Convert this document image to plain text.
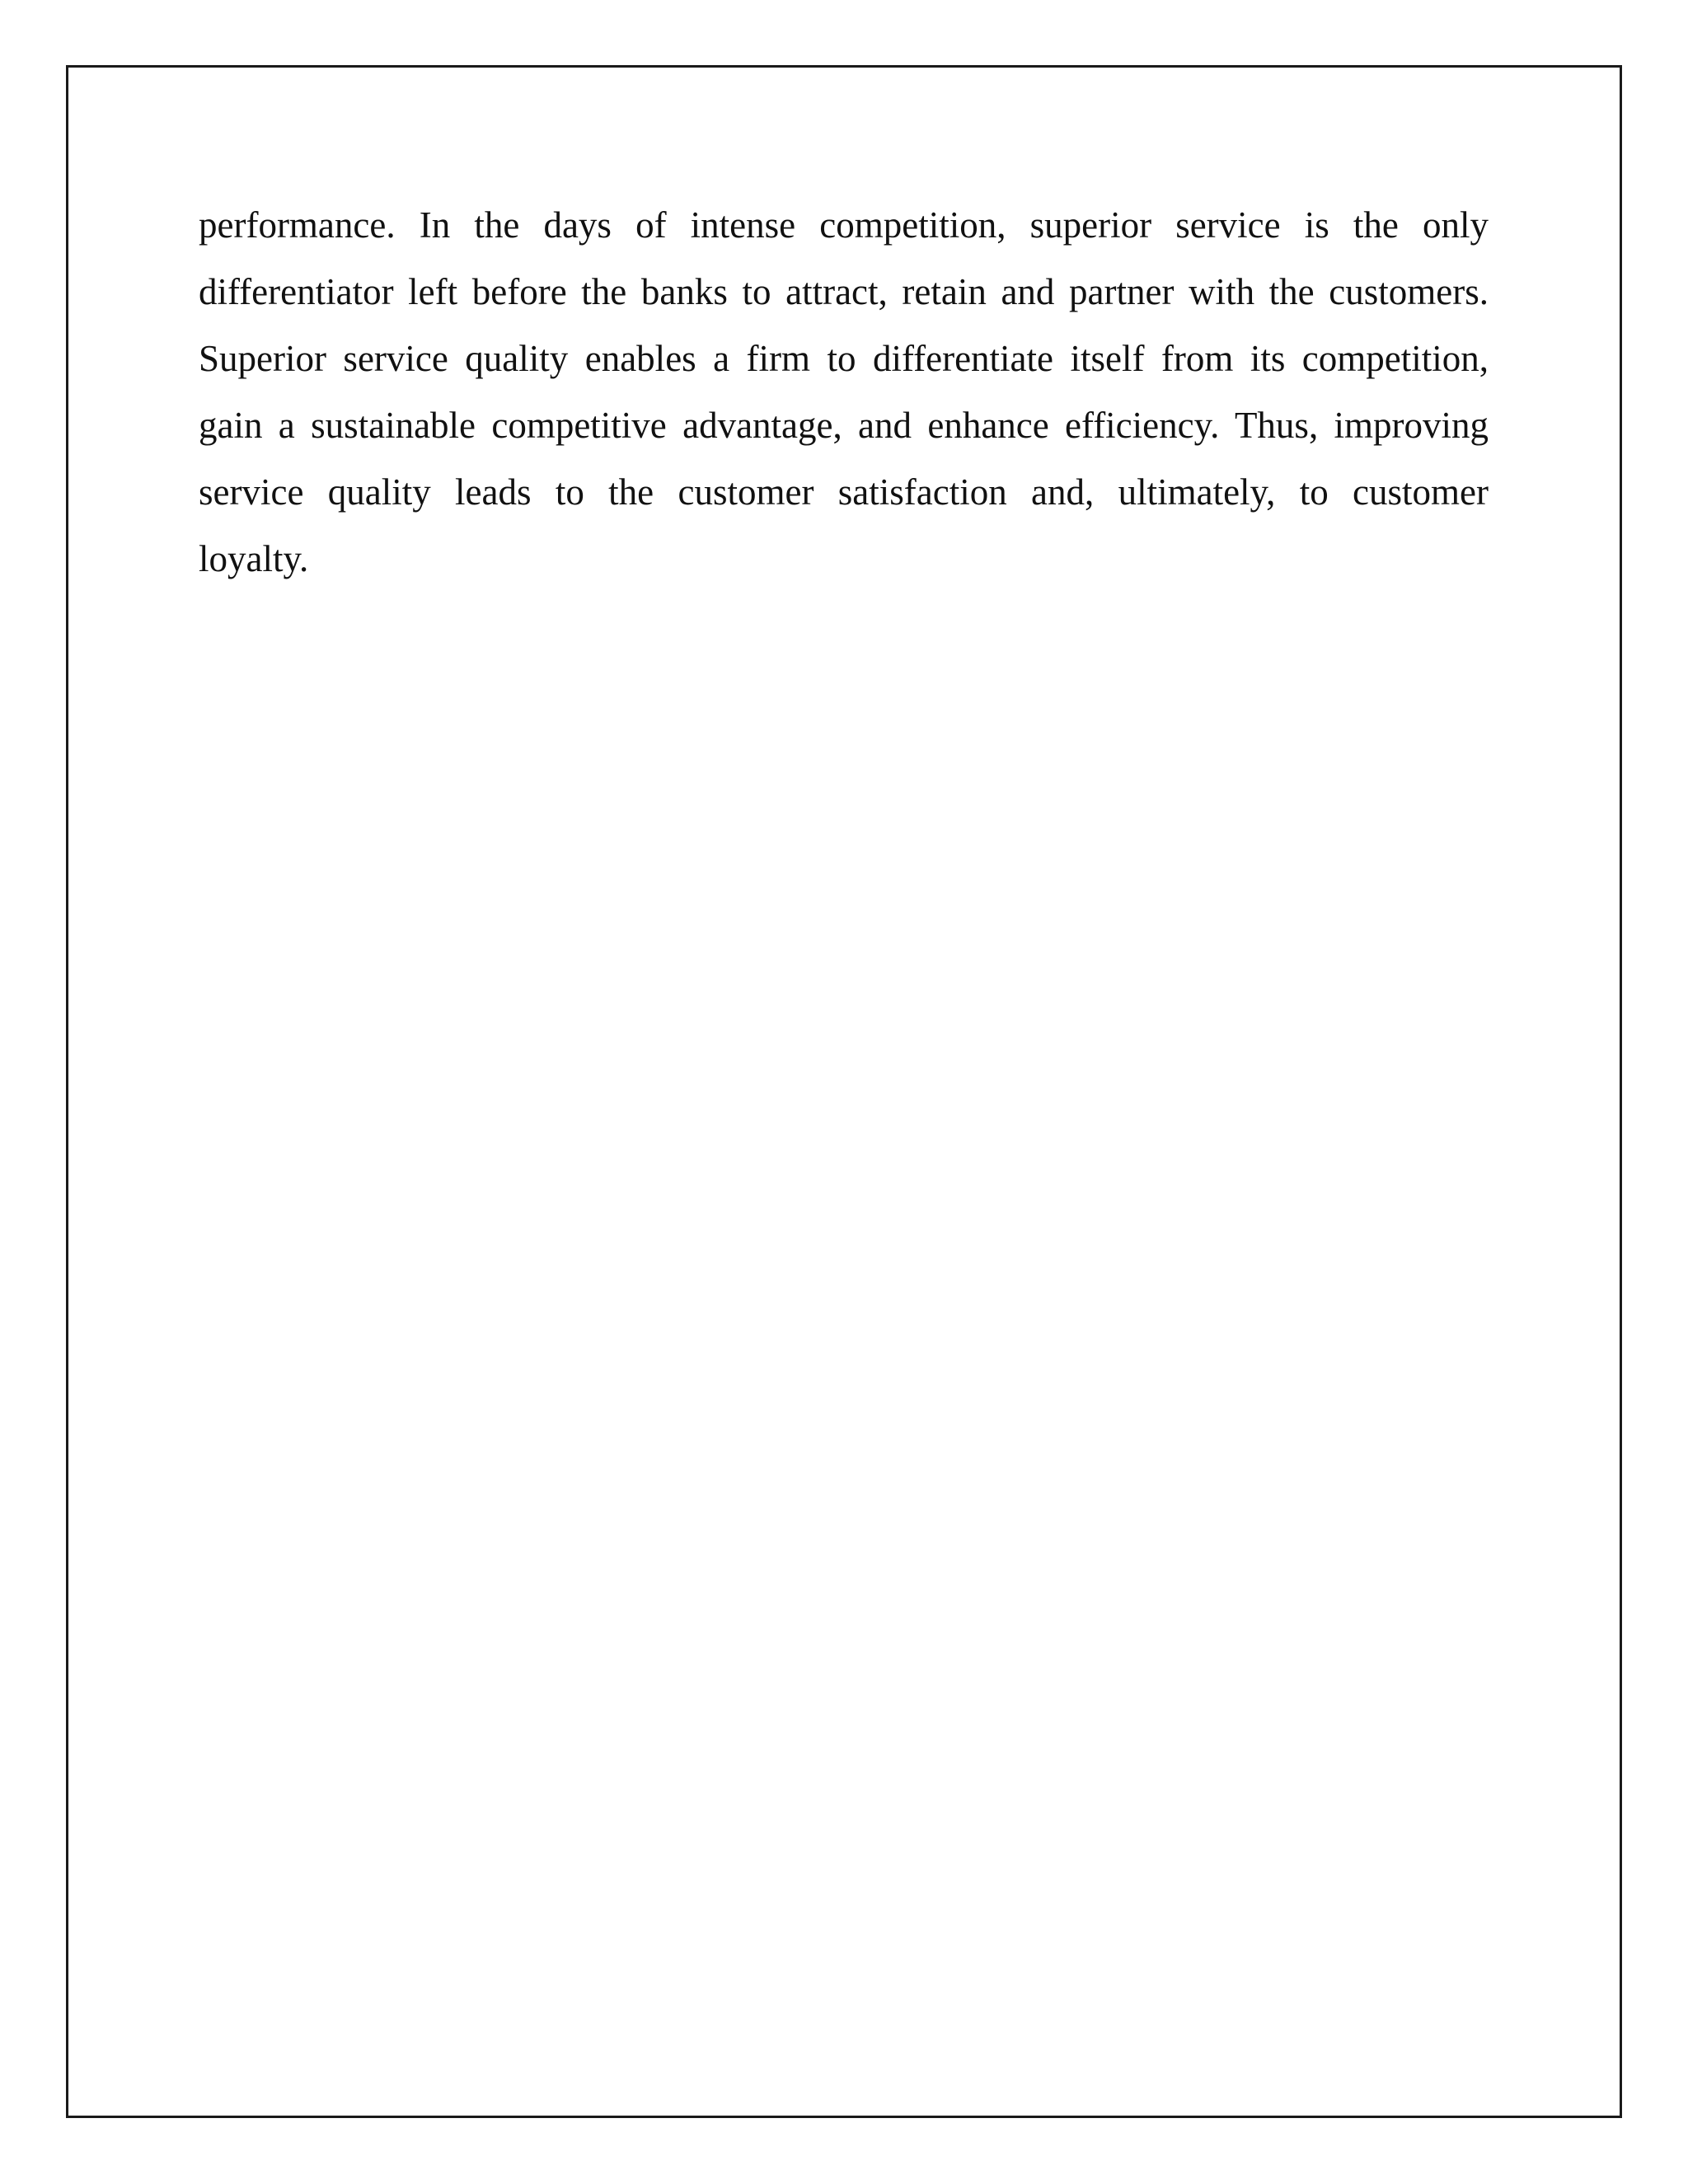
performance. In the days of intense competition, superior service is the only
differentiator left before the banks to attract, retain and partner with the customers.
Superior service quality enables a firm to differentiate itself from its competition,
gain a sustainable competitive advantage, and enhance efficiency. Thus, improving
service quality leads to the customer satisfaction and, ultimately, to customer
loyalty.
